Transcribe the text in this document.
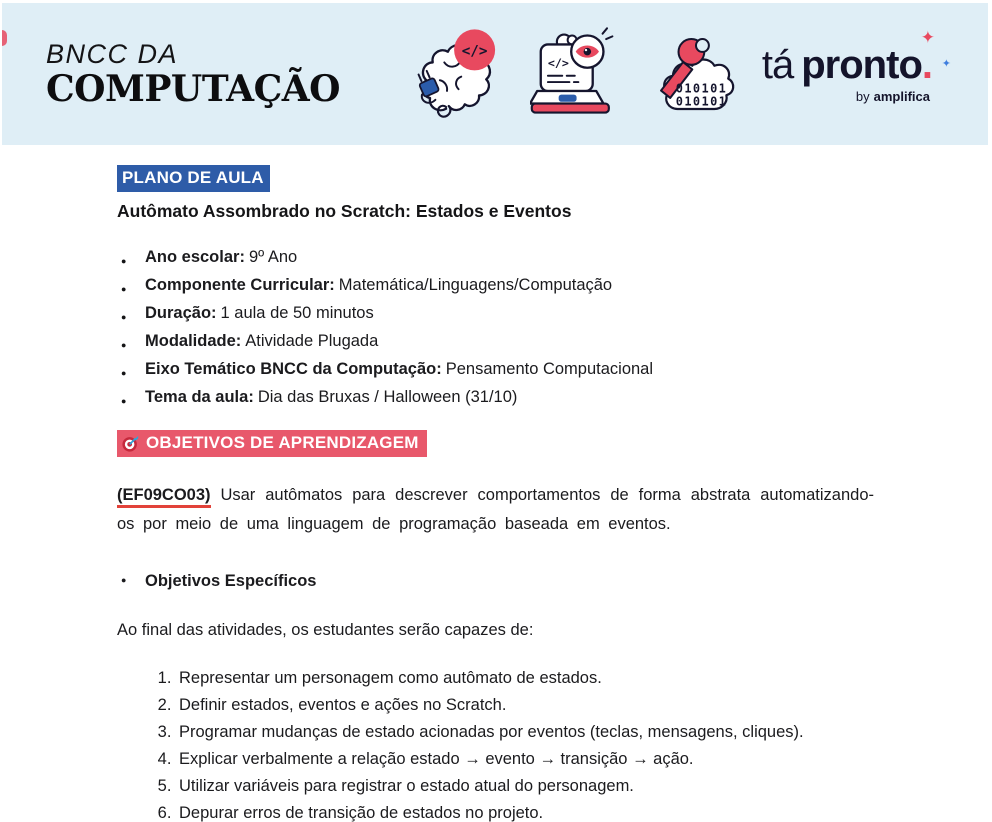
BNCC DA
COMPUTAÇÃO
</>
</>
010101
010101
tá pronto.
✦
✦
by amplifica
PLANO DE AULA
Autômato Assombrado no Scratch: Estados e Eventos
● Ano escolar: 9º Ano
● Componente Curricular: Matemática/Linguagens/Computação
● Duração: 1 aula de 50 minutos
● Modalidade: Atividade Plugada
● Eixo Temático BNCC da Computação: Pensamento Computacional
● Tema da aula: Dia das Bruxas / Halloween (31/10)
OBJETIVOS DE APRENDIZAGEM

(EF09CO03) Usar autômatos para descrever comportamentos de forma abstrata automatizando-os por meio de uma linguagem de programação baseada em eventos.

● Objetivos Específicos

Ao final das atividades, os estudantes serão capazes de:

1. Representar um personagem como autômato de estados.
2. Definir estados, eventos e ações no Scratch.
3. Programar mudanças de estado acionadas por eventos (teclas, mensagens, cliques).
4. Explicar verbalmente a relação estado → evento → transição → ação.
5. Utilizar variáveis para registrar o estado atual do personagem.
6. Depurar erros de transição de estados no projeto.
